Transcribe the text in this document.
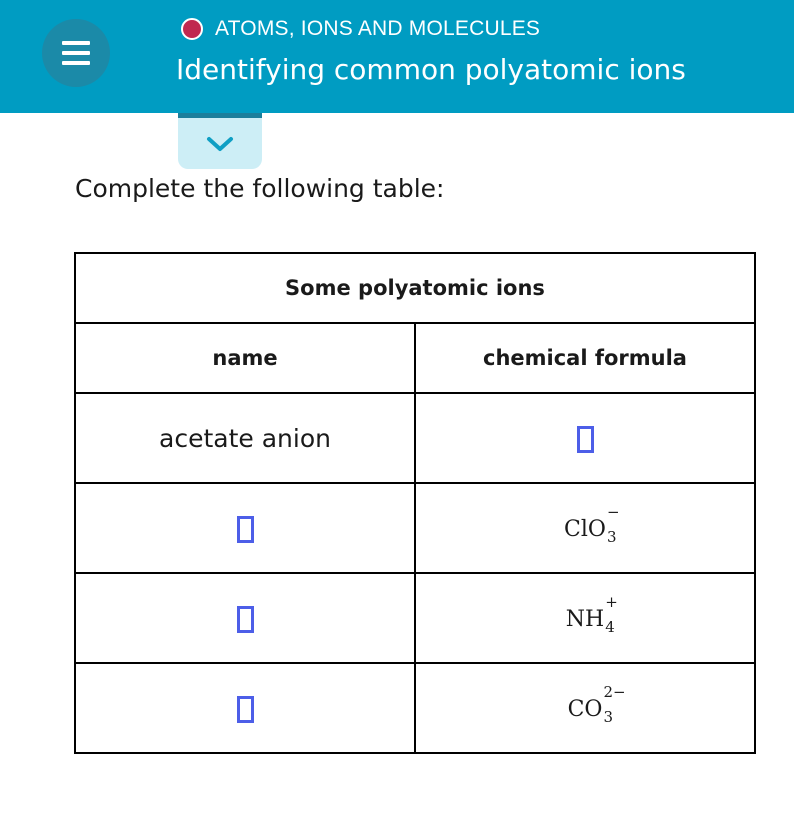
ATOMS, IONS AND MOLECULES
Identifying common polyatomic ions
Complete the following table:
Some polyatomic ions	
name	chemical formula
acetate anion	
	ClO 3
−

	NH 4
+

	CO 3
2−
